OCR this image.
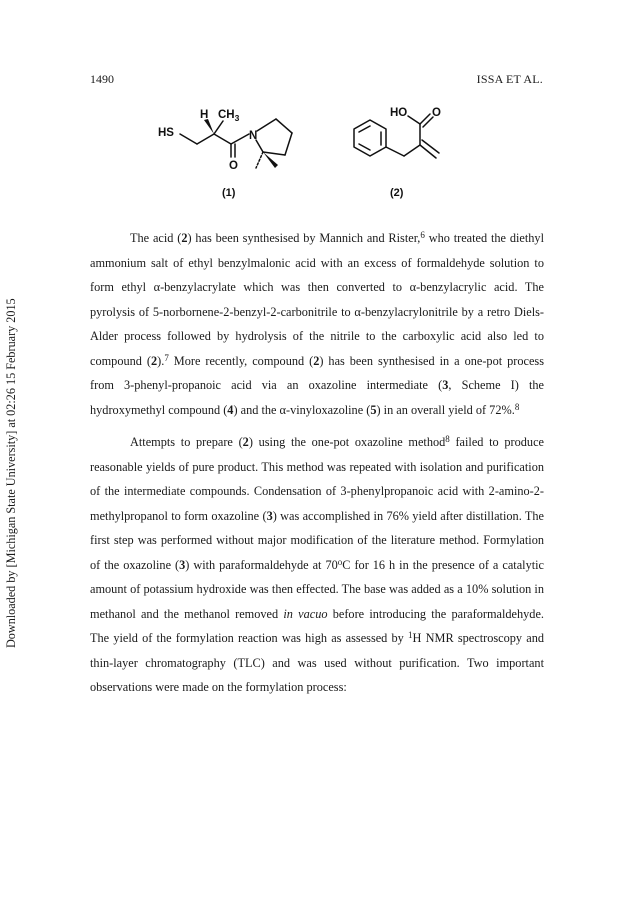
1490	ISSA ET AL.
Downloaded by [Michigan State University] at 02:26 15 February 2015
H $CH_3$
HS	N
O
(1)
HO O
(2)

The acid (2) has been synthesised by Mannich and Rister,$^6$ who treated the diethyl ammonium salt of ethyl benzylmalonic acid with an excess of formaldehyde solution to form ethyl α-benzylacrylate which was then converted to α-benzylacrylic acid. The pyrolysis of 5-norbornene-2-benzyl-2-carbonitrile to α-benzylacrylonitrile by a retro Diels-Alder process followed by hydrolysis of the nitrile to the carboxylic acid also led to compound (2).$^7$ More recently, compound (2) has been synthesised in a one-pot process from 3-phenyl-propanoic acid via an oxazoline intermediate (3, Scheme I) the hydroxymethyl compound (4) and the α-vinyloxazoline (5) in an overall yield of 72%.$^8$

Attempts to prepare (2) using the one-pot oxazoline method$^8$ failed to produce reasonable yields of pure product. This method was repeated with isolation and purification of the intermediate compounds. Condensation of 3-phenylpropanoic acid with 2-amino-2-methylpropanol to form oxazoline (3) was accomplished in 76% yield after distillation. The first step was performed without major modification of the literature method. Formylation of the oxazoline (3) with paraformaldehyde at 70$^o$C for 16 h in the presence of a catalytic amount of potassium hydroxide was then effected. The base was added as a 10% solution in methanol and the methanol removed in vacuo before introducing the paraformaldehyde. The yield of the formylation reaction was high as assessed by $^1$H NMR spectroscopy and thin-layer chromatography (TLC) and was used without purification. Two important observations were made on the formylation process:
